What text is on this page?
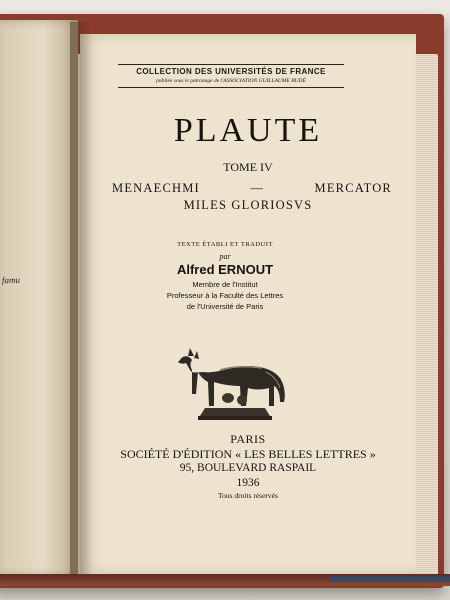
famu
COLLECTION DES UNIVERSITÉS DE FRANCE
publiée sous le patronage de l'ASSOCIATION GUILLAUME BUDÉ
PLAUTE
TOME IV
MENAECHMI	—	MERCATOR
MILES GLORIOSVS
TEXTE ÉTABLI ET TRADUIT
par
Alfred ERNOUT
Membre de l'Institut
Professeur à la Faculté des Lettres
de l'Université de Paris
PARIS
SOCIÉTÉ D'ÉDITION « LES BELLES LETTRES »
95, BOULEVARD RASPAIL
1936
Tous droits réservés
